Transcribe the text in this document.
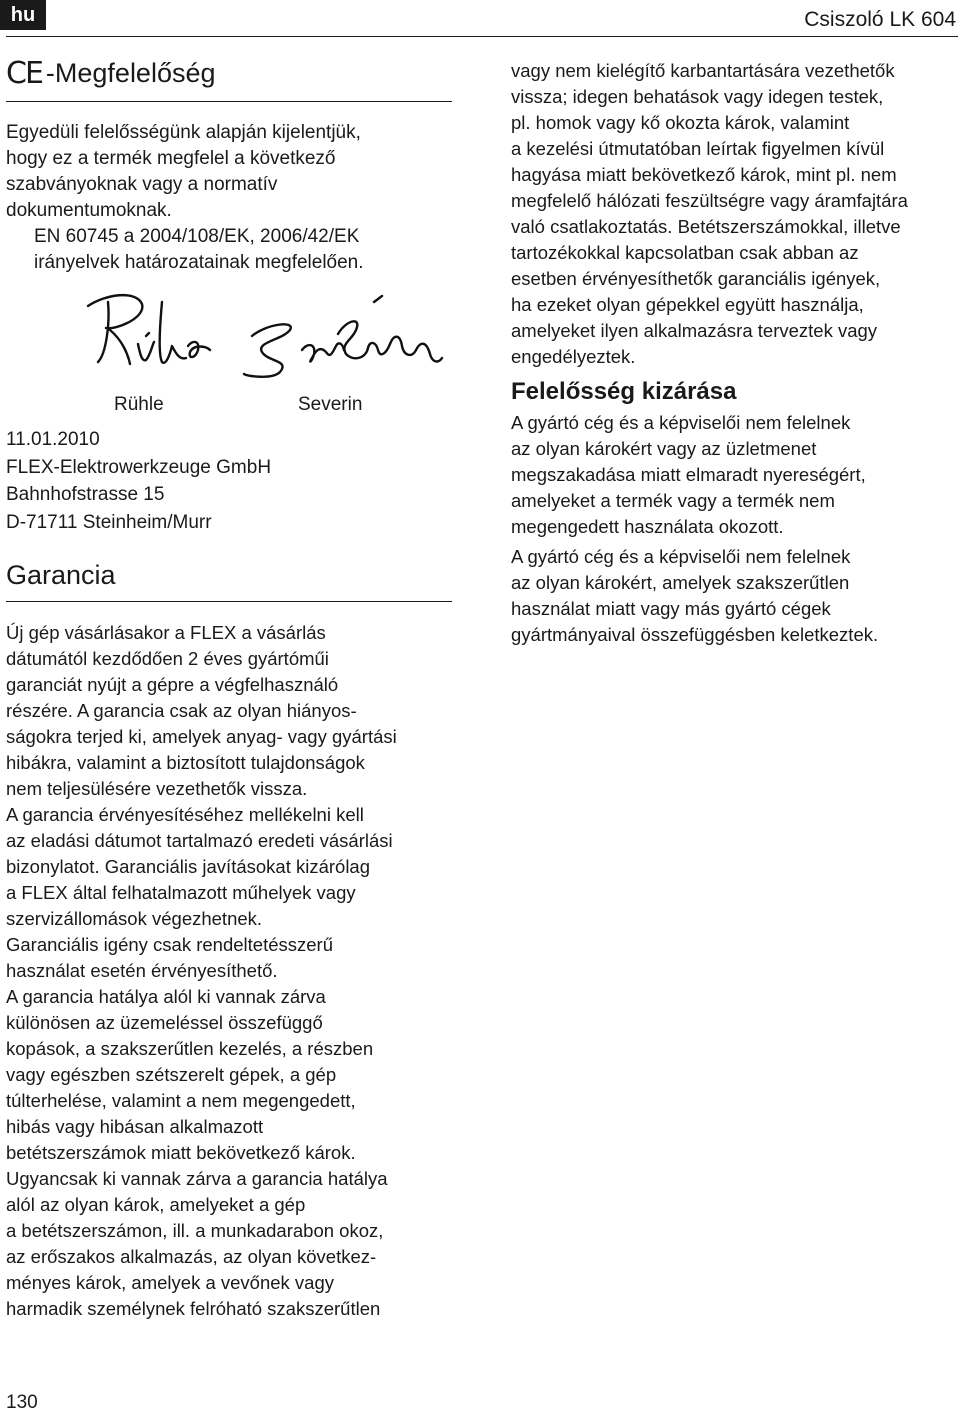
hu	Csiszoló LK 604
CE -Megfelelőség

Egyedüli felelősségünk alapján kijelentjük,

hogy ez a termék megfelel a következő

szabványoknak vagy a normatív

dokumentumoknak.

EN 60745 a 2004/108/EK, 2006/42/EK

irányelvek határozatainak megfelelően.

Rühle	Severin

11.01.2010

FLEX-Elektrowerkzeuge GmbH

Bahnhofstrasse 15

D-71711 Steinheim/Murr

Garancia

Új gép vásárlásakor a FLEX a vásárlás

dátumától kezdődően 2 éves gyártóműi

garanciát nyújt a gépre a végfelhasználó

részére. A garancia csak az olyan hiányos-

ságokra terjed ki, amelyek anyag- vagy gyártási

hibákra, valamint a biztosított tulajdonságok

nem teljesülésére vezethetők vissza.

A garancia érvényesítéséhez mellékelni kell

az eladási dátumot tartalmazó eredeti vásárlási

bizonylatot. Garanciális javításokat kizárólag

a FLEX által felhatalmazott műhelyek vagy

szervizállomások végezhetnek.

Garanciális igény csak rendeltetésszerű

használat esetén érvényesíthető.

A garancia hatálya alól ki vannak zárva

különösen az üzemeléssel összefüggő

kopások, a szakszerűtlen kezelés, a részben

vagy egészben szétszerelt gépek, a gép

túlterhelése, valamint a nem megengedett,

hibás vagy hibásan alkalmazott

betétszerszámok miatt bekövetkező károk.

Ugyancsak ki vannak zárva a garancia hatálya

alól az olyan károk, amelyeket a gép

a betétszerszámon, ill. a munkadarabon okoz,

az erőszakos alkalmazás, az olyan következ-

ményes károk, amelyek a vevőnek vagy

harmadik személynek felróható szakszerűtlen

vagy nem kielégítő karbantartására vezethetők

vissza; idegen behatások vagy idegen testek,

pl. homok vagy kő okozta károk, valamint

a kezelési útmutatóban leírtak figyelmen kívül

hagyása miatt bekövetkező károk, mint pl. nem

megfelelő hálózati feszültségre vagy áramfajtára

való csatlakoztatás. Betétszerszámokkal, illetve

tartozékokkal kapcsolatban csak abban az

esetben érvényesíthetők garanciális igények,

ha ezeket olyan gépekkel együtt használja,

amelyeket ilyen alkalmazásra terveztek vagy

engedélyeztek.

Felelősség kizárása

A gyártó cég és a képviselői nem felelnek

az olyan károkért vagy az üzletmenet

megszakadása miatt elmaradt nyereségért,

amelyeket a termék vagy a termék nem

megengedett használata okozott.

A gyártó cég és a képviselői nem felelnek

az olyan károkért, amelyek szakszerűtlen

használat miatt vagy más gyártó cégek

gyártmányaival összefüggésben keletkeztek.

130
